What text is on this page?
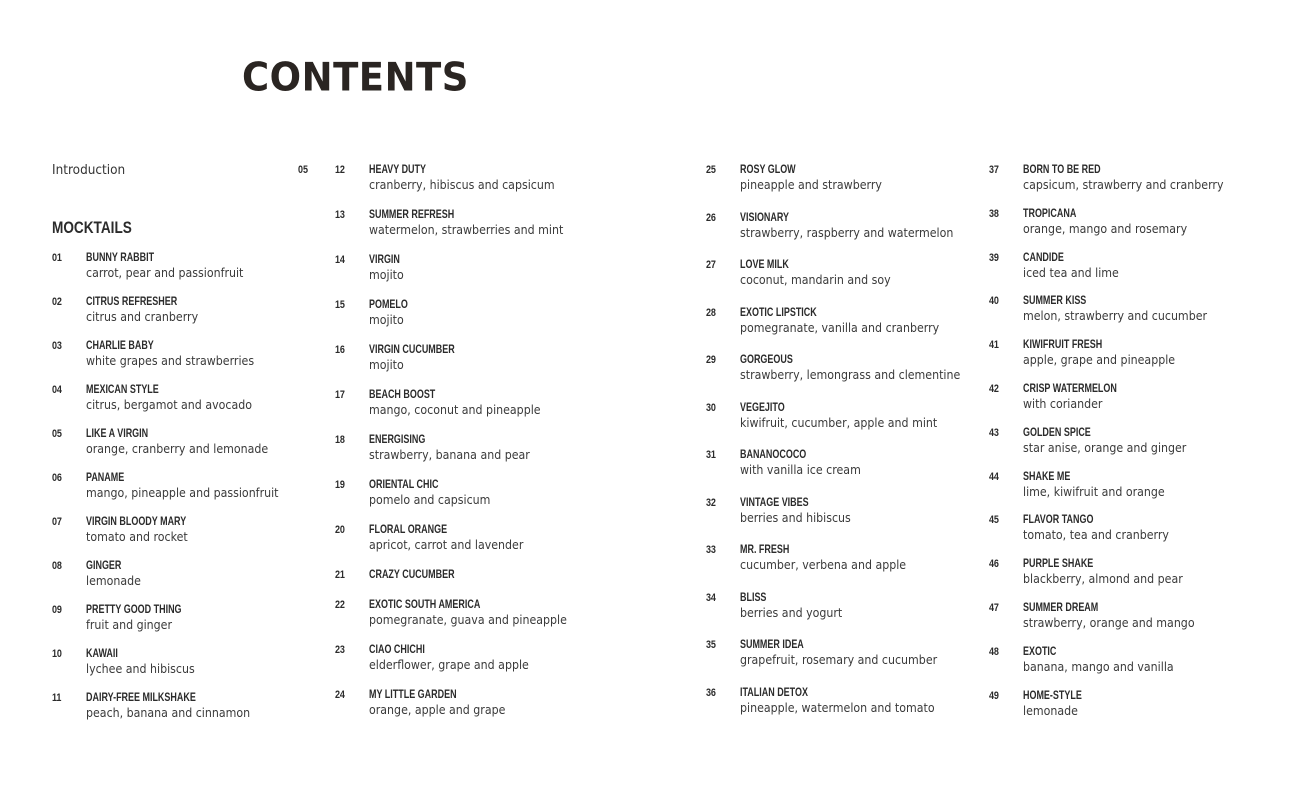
CONTENTS
Introduction	05
MOCKTAILS
01 BUNNY RABBIT
carrot, pear and passionfruit
02 CITRUS REFRESHER
citrus and cranberry
03 CHARLIE BABY
white grapes and strawberries
04 MEXICAN STYLE
citrus, bergamot and avocado
05 LIKE A VIRGIN
orange, cranberry and lemonade
06 PANAME
mango, pineapple and passionfruit
07 VIRGIN BLOODY MARY
tomato and rocket
08 GINGER
lemonade
09 PRETTY GOOD THING
fruit and ginger
10 KAWAII
lychee and hibiscus
11 DAIRY-FREE MILKSHAKE
peach, banana and cinnamon
12 HEAVY DUTY
cranberry, hibiscus and capsicum
13 SUMMER REFRESH
watermelon, strawberries and mint
14 VIRGIN
mojito
15 POMELO
mojito
16 VIRGIN CUCUMBER
mojito
17 BEACH BOOST
mango, coconut and pineapple
18 ENERGISING
strawberry, banana and pear
19 ORIENTAL CHIC
pomelo and capsicum
20 FLORAL ORANGE
apricot, carrot and lavender
21 CRAZY CUCUMBER
22 EXOTIC SOUTH AMERICA
pomegranate, guava and pineapple
23 CIAO CHICHI
elderflower, grape and apple
24 MY LITTLE GARDEN
orange, apple and grape
25 ROSY GLOW
pineapple and strawberry
26 VISIONARY
strawberry, raspberry and watermelon
27 LOVE MILK
coconut, mandarin and soy
28 EXOTIC LIPSTICK
pomegranate, vanilla and cranberry
29 GORGEOUS
strawberry, lemongrass and clementine
30 VEGEJITO
kiwifruit, cucumber, apple and mint
31 BANANOCOCO
with vanilla ice cream
32 VINTAGE VIBES
berries and hibiscus
33 MR. FRESH
cucumber, verbena and apple
34 BLISS
berries and yogurt
35 SUMMER IDEA
grapefruit, rosemary and cucumber
36 ITALIAN DETOX
pineapple, watermelon and tomato
37 BORN TO BE RED
capsicum, strawberry and cranberry
38 TROPICANA
orange, mango and rosemary
39 CANDIDE
iced tea and lime
40 SUMMER KISS
melon, strawberry and cucumber
41 KIWIFRUIT FRESH
apple, grape and pineapple
42 CRISP WATERMELON
with coriander
43 GOLDEN SPICE
star anise, orange and ginger
44 SHAKE ME
lime, kiwifruit and orange
45 FLAVOR TANGO
tomato, tea and cranberry
46 PURPLE SHAKE
blackberry, almond and pear
47 SUMMER DREAM
strawberry, orange and mango
48 EXOTIC
banana, mango and vanilla
49 HOME-STYLE
lemonade
